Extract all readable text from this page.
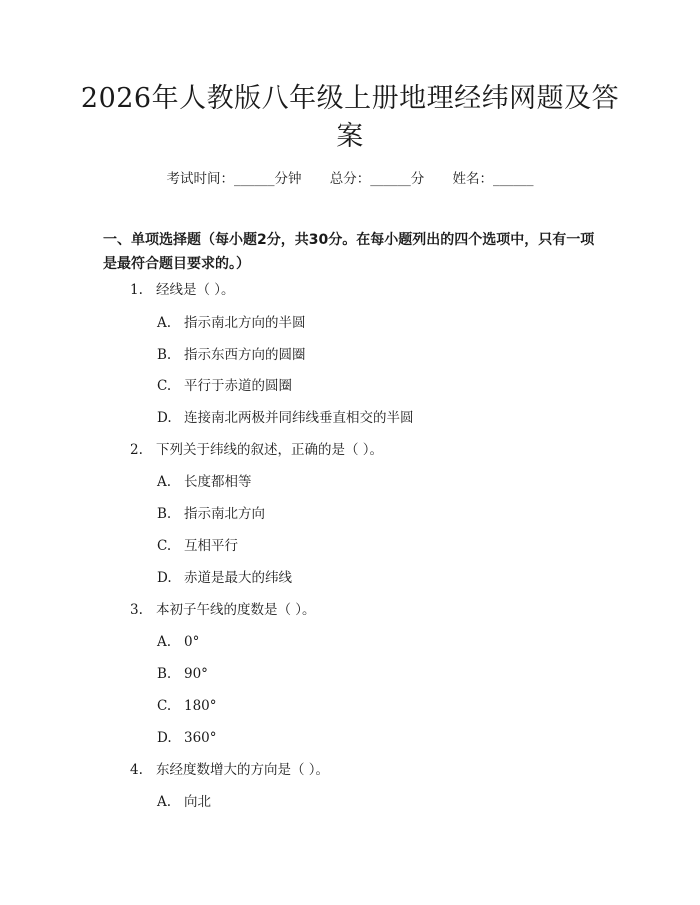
2026年人教版八年级上册地理经纬网题及答案
考试时间：______分钟 总分：______分 姓名：______
一、单项选择题（每小题2分，共30分。在每小题列出的四个选项中，只有一项是最符合题目要求的。）
1. 经线是（ ）。
A. 指示南北方向的半圆
B. 指示东西方向的圆圈
C. 平行于赤道的圆圈
D. 连接南北两极并同纬线垂直相交的半圆
2. 下列关于纬线的叙述，正确的是（ ）。
A. 长度都相等
B. 指示南北方向
C. 互相平行
D. 赤道是最大的纬线
3. 本初子午线的度数是（ ）。
A. 0°
B. 90°
C. 180°
D. 360°
4. 东经度数增大的方向是（ ）。
A. 向北
